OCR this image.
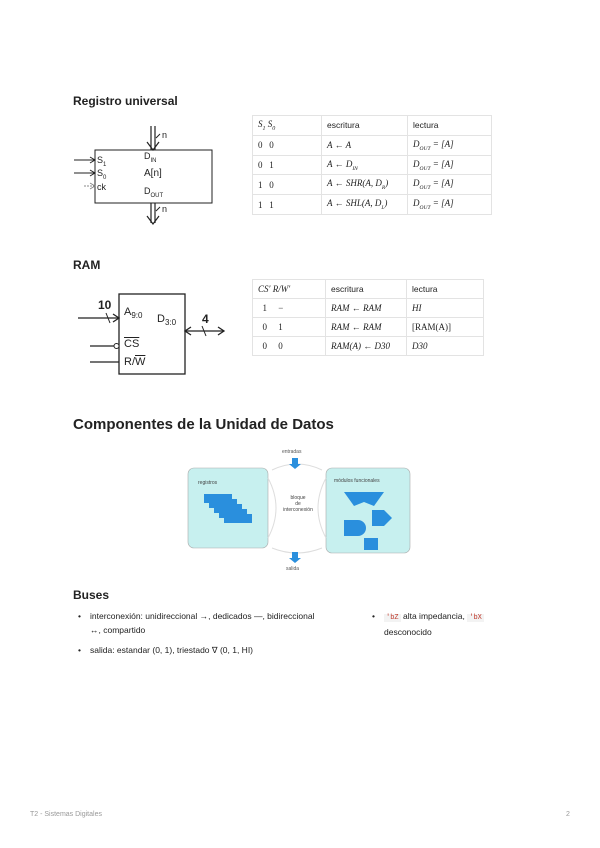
Registro universal
n
n
$S_1$
$S_0$
ck
$D_{IN}$
A[n]
$D_{OUT}$
$S_1$ $S_0$	escritura	lectura
0   0	A ← A	$D_{OUT} = [A]$
0   1	A ← $D_{IN}$	$D_{OUT} = [A]$
1   0	A ← SHR(A, $D_R$)	$D_{OUT} = [A]$
1   1	A ← SHL(A, $D_L$)	$D_{OUT} = [A]$
RAM
10 $A_{9:0}$ $D_{3:0}$ 4
$\overline{CS}$
$R/\overline{W}$
CS′ R/W′	escritura	lectura
1 −	RAM ← RAM	HI
0 1	RAM ← RAM	[RAM(A)]
0 0	RAM(A) ← D30	D30
Componentes de la Unidad de Datos
entradas
registros
bloque
de
interconexión
módulos funcionales
salida
Buses
• interconexión: unidireccional →, dedicados —, bidireccional ↔, compartido
• salida: estandar (0, 1), triestado ∇ (0, 1, HI)
• 'bZ alta impedancia, 'bX desconocido
T2 - Sistemas Digitales	2
